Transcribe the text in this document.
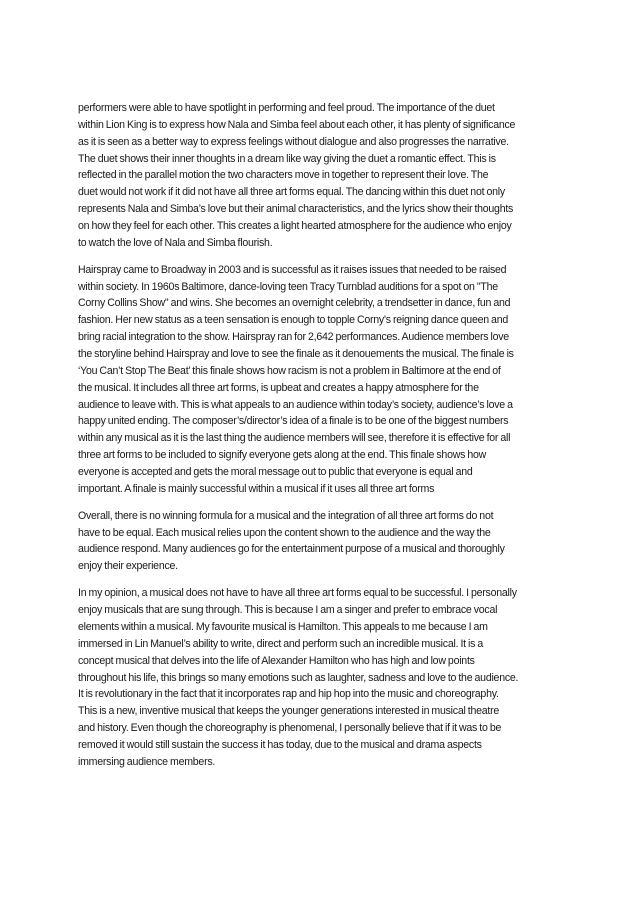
performers were able to have spotlight in performing and feel proud. The importance of the duet
within Lion King is to express how Nala and Simba feel about each other, it has plenty of significance
as it is seen as a better way to express feelings without dialogue and also progresses the narrative.
The duet shows their inner thoughts in a dream like way giving the duet a romantic effect. This is
reflected in the parallel motion the two characters move in together to represent their love. The
duet would not work if it did not have all three art forms equal. The dancing within this duet not only
represents Nala and Simba’s love but their animal characteristics, and the lyrics show their thoughts
on how they feel for each other. This creates a light hearted atmosphere for the audience who enjoy
to watch the love of Nala and Simba flourish.
Hairspray came to Broadway in 2003 and is successful as it raises issues that needed to be raised
within society. In 1960s Baltimore, dance-loving teen Tracy Turnblad auditions for a spot on "The
Corny Collins Show" and wins. She becomes an overnight celebrity, a trendsetter in dance, fun and
fashion. Her new status as a teen sensation is enough to topple Corny's reigning dance queen and
bring racial integration to the show. Hairspray ran for 2,642 performances. Audience members love
the storyline behind Hairspray and love to see the finale as it denouements the musical. The finale is
‘You Can’t Stop The Beat’ this finale shows how racism is not a problem in Baltimore at the end of
the musical. It includes all three art forms, is upbeat and creates a happy atmosphere for the
audience to leave with. This is what appeals to an audience within today’s society, audience’s love a
happy united ending. The composer’s/director’s idea of a finale is to be one of the biggest numbers
within any musical as it is the last thing the audience members will see, therefore it is effective for all
three art forms to be included to signify everyone gets along at the end. This finale shows how
everyone is accepted and gets the moral message out to public that everyone is equal and
important. A finale is mainly successful within a musical if it uses all three art forms
Overall, there is no winning formula for a musical and the integration of all three art forms do not
have to be equal. Each musical relies upon the content shown to the audience and the way the
audience respond. Many audiences go for the entertainment purpose of a musical and thoroughly
enjoy their experience.
In my opinion, a musical does not have to have all three art forms equal to be successful. I personally
enjoy musicals that are sung through. This is because I am a singer and prefer to embrace vocal
elements within a musical. My favourite musical is Hamilton. This appeals to me because I am
immersed in Lin Manuel’s ability to write, direct and perform such an incredible musical. It is a
concept musical that delves into the life of Alexander Hamilton who has high and low points
throughout his life, this brings so many emotions such as laughter, sadness and love to the audience.
It is revolutionary in the fact that it incorporates rap and hip hop into the music and choreography.
This is a new, inventive musical that keeps the younger generations interested in musical theatre
and history. Even though the choreography is phenomenal, I personally believe that if it was to be
removed it would still sustain the success it has today, due to the musical and drama aspects
immersing audience members.
